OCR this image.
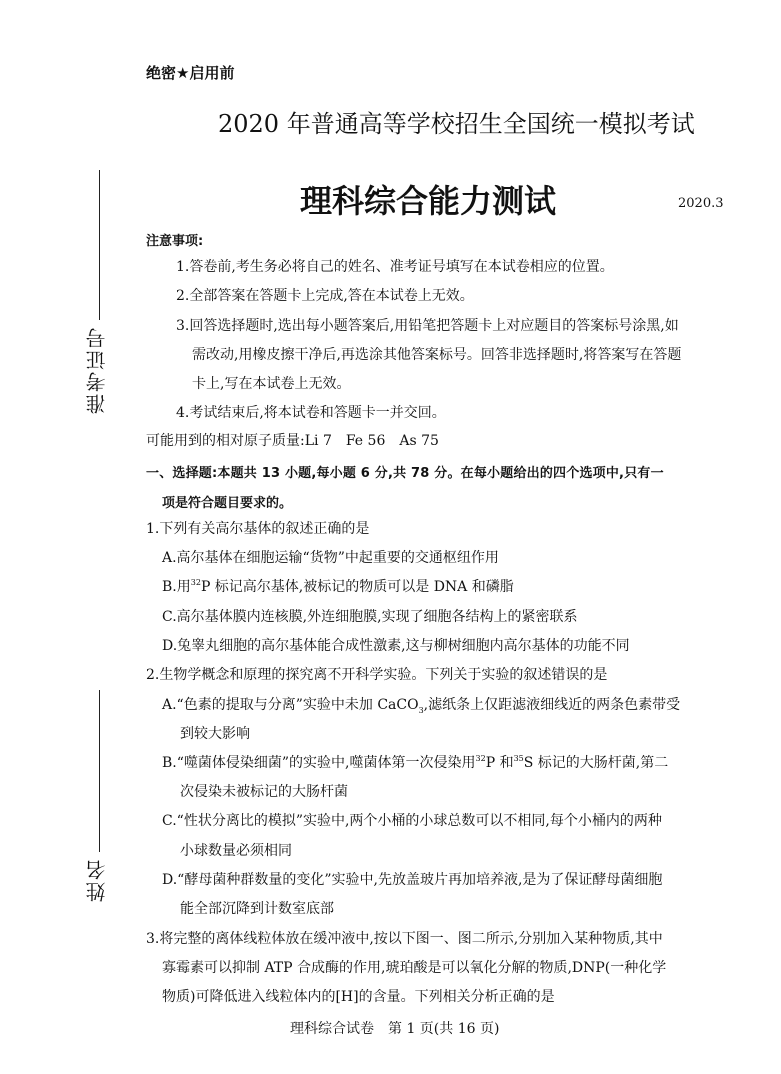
绝密★启用前
2020 年普通高等学校招生全国统一模拟考试
理科综合能力测试	2020.3
准考证号
姓名
注意事项:
1.答卷前,考生务必将自己的姓名、准考证号填写在本试卷相应的位置。
2.全部答案在答题卡上完成,答在本试卷上无效。
3.回答选择题时,选出每小题答案后,用铅笔把答题卡上对应题目的答案标号涂黑,如
需改动,用橡皮擦干净后,再选涂其他答案标号。回答非选择题时,将答案写在答题
卡上,写在本试卷上无效。
4.考试结束后,将本试卷和答题卡一并交回。
可能用到的相对原子质量:Li 7　Fe 56　As 75
一、选择题:本题共 13 小题,每小题 6 分,共 78 分。在每小题给出的四个选项中,只有一
项是符合题目要求的。
1.下列有关高尔基体的叙述正确的是
A.高尔基体在细胞运输“货物”中起重要的交通枢纽作用
B.用$^{32}$P 标记高尔基体,被标记的物质可以是 DNA 和磷脂
C.高尔基体膜内连核膜,外连细胞膜,实现了细胞各结构上的紧密联系
D.兔睾丸细胞的高尔基体能合成性激素,这与柳树细胞内高尔基体的功能不同
2.生物学概念和原理的探究离不开科学实验。下列关于实验的叙述错误的是
A.“色素的提取与分离”实验中未加 CaCO$_3$,滤纸条上仅距滤液细线近的两条色素带受
到较大影响
B.“噬菌体侵染细菌”的实验中,噬菌体第一次侵染用$^{32}$P 和$^{35}$S 标记的大肠杆菌,第二
次侵染未被标记的大肠杆菌
C.“性状分离比的模拟”实验中,两个小桶的小球总数可以不相同,每个小桶内的两种
小球数量必须相同
D.“酵母菌种群数量的变化”实验中,先放盖玻片再加培养液,是为了保证酵母菌细胞
能全部沉降到计数室底部
3.将完整的离体线粒体放在缓冲液中,按以下图一、图二所示,分别加入某种物质,其中
寡霉素可以抑制 ATP 合成酶的作用,琥珀酸是可以氧化分解的物质,DNP(一种化学
物质)可降低进入线粒体内的[H]的含量。下列相关分析正确的是
理科综合试卷　第 1 页(共 16 页)
